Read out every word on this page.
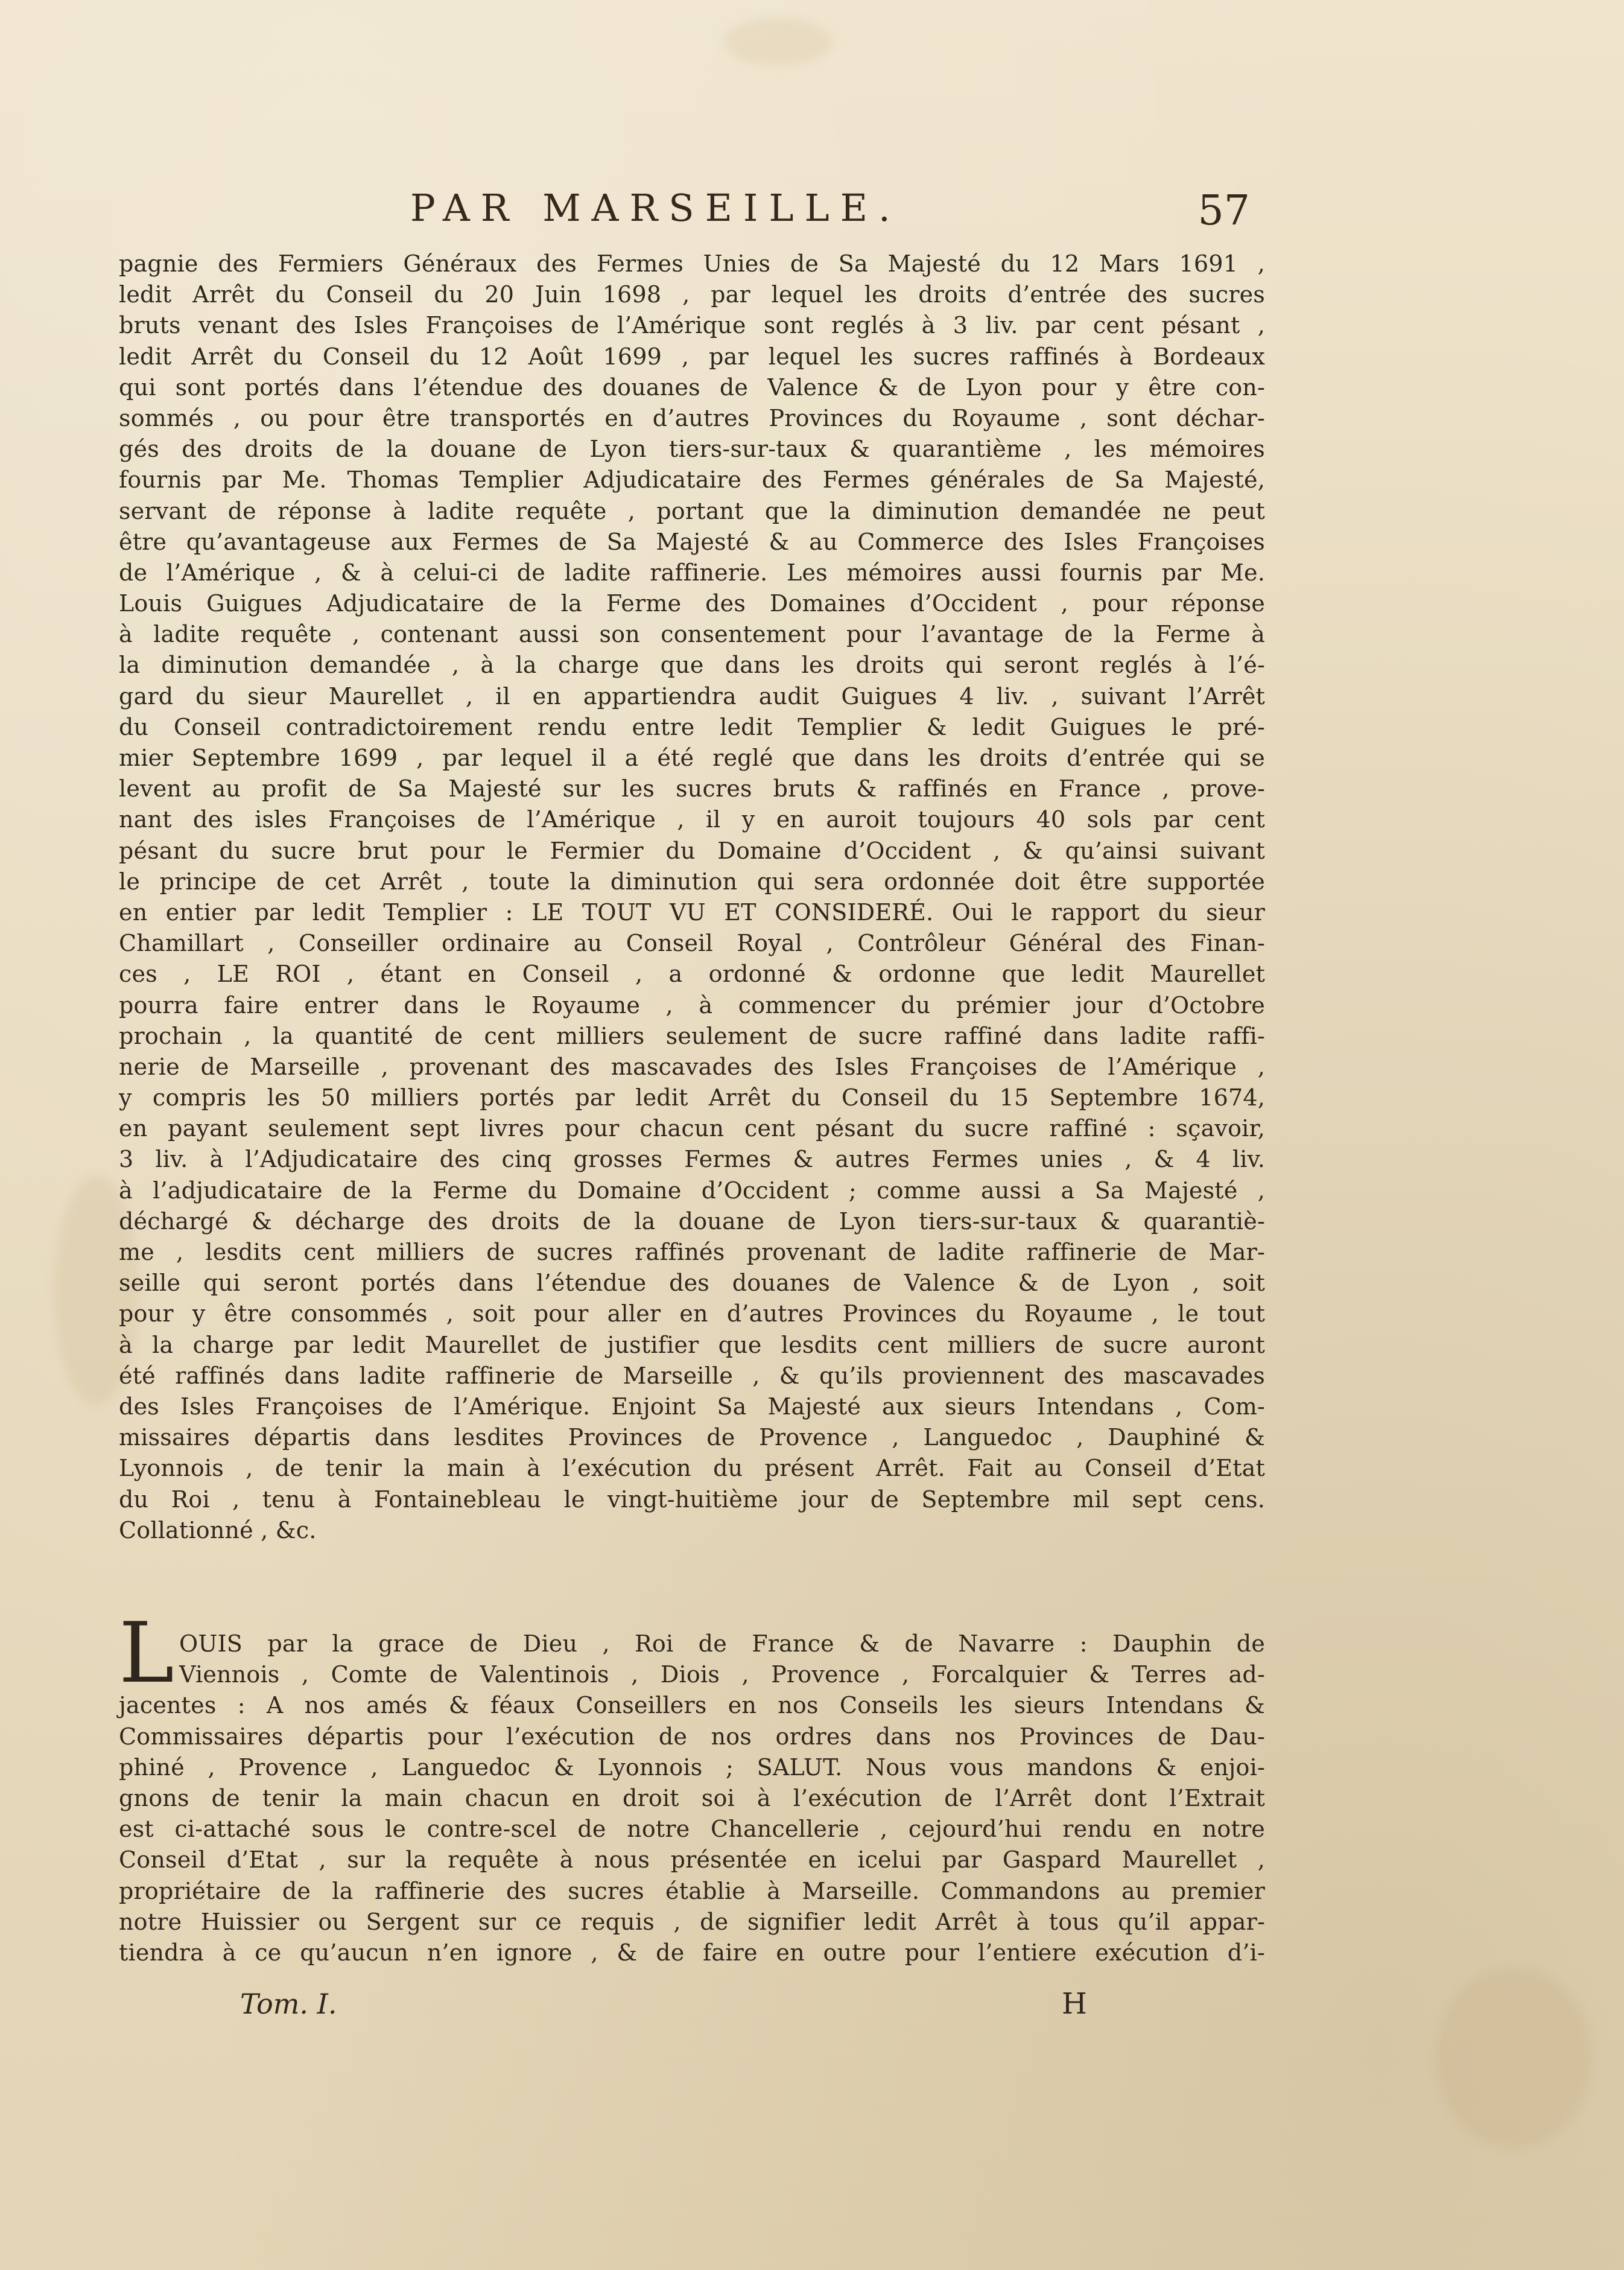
PAR MARSEILLE.	57
pagnie des Fermiers Généraux des Fermes Unies de Sa Majesté du 12 Mars 1691 ,
ledit Arrêt du Conseil du 20 Juin 1698 , par lequel les droits d’entrée des sucres
bruts venant des Isles Françoises de l’Amérique sont reglés à 3 liv. par cent pésant ,
ledit Arrêt du Conseil du 12 Août 1699 , par lequel les sucres raffinés à Bordeaux
qui sont portés dans l’étendue des douanes de Valence & de Lyon pour y être con-
sommés , ou pour être transportés en d’autres Provinces du Royaume , sont déchar-
gés des droits de la douane de Lyon tiers-sur-taux & quarantième , les mémoires
fournis par Me. Thomas Templier Adjudicataire des Fermes générales de Sa Majesté,
servant de réponse à ladite requête , portant que la diminution demandée ne peut
être qu’avantageuse aux Fermes de Sa Majesté & au Commerce des Isles Françoises
de l’Amérique , & à celui-ci de ladite raffinerie. Les mémoires aussi fournis par Me.
Louis Guigues Adjudicataire de la Ferme des Domaines d’Occident , pour réponse
à ladite requête , contenant aussi son consentement pour l’avantage de la Ferme à
la diminution demandée , à la charge que dans les droits qui seront reglés à l’é-
gard du sieur Maurellet , il en appartiendra audit Guigues 4 liv. , suivant l’Arrêt
du Conseil contradictoirement rendu entre ledit Templier & ledit Guigues le pré-
mier Septembre 1699 , par lequel il a été reglé que dans les droits d’entrée qui se
levent au profit de Sa Majesté sur les sucres bruts & raffinés en France , prove-
nant des isles Françoises de l’Amérique , il y en auroit toujours 40 sols par cent
pésant du sucre brut pour le Fermier du Domaine d’Occident , & qu’ainsi suivant
le principe de cet Arrêt , toute la diminution qui sera ordonnée doit être supportée
en entier par ledit Templier : LE TOUT VU ET CONSIDERÉ. Oui le rapport du sieur
Chamillart , Conseiller ordinaire au Conseil Royal , Contrôleur Général des Finan-
ces , LE ROI , étant en Conseil , a ordonné & ordonne que ledit Maurellet
pourra faire entrer dans le Royaume , à commencer du prémier jour d’Octobre
prochain , la quantité de cent milliers seulement de sucre raffiné dans ladite raffi-
nerie de Marseille , provenant des mascavades des Isles Françoises de l’Amérique ,
y compris les 50 milliers portés par ledit Arrêt du Conseil du 15 Septembre 1674,
en payant seulement sept livres pour chacun cent pésant du sucre raffiné : sçavoir,
3 liv. à l’Adjudicataire des cinq grosses Fermes & autres Fermes unies , & 4 liv.
à l’adjudicataire de la Ferme du Domaine d’Occident ; comme aussi a Sa Majesté ,
déchargé & décharge des droits de la douane de Lyon tiers-sur-taux & quarantiè-
me , lesdits cent milliers de sucres raffinés provenant de ladite raffinerie de Mar-
seille qui seront portés dans l’étendue des douanes de Valence & de Lyon , soit
pour y être consommés , soit pour aller en d’autres Provinces du Royaume , le tout
à la charge par ledit Maurellet de justifier que lesdits cent milliers de sucre auront
été raffinés dans ladite raffinerie de Marseille , & qu’ils proviennent des mascavades
des Isles Françoises de l’Amérique. Enjoint Sa Majesté aux sieurs Intendans , Com-
missaires départis dans lesdites Provinces de Provence , Languedoc , Dauphiné &
Lyonnois , de tenir la main à l’exécution du présent Arrêt. Fait au Conseil d’Etat
du Roi , tenu à Fontainebleau le vingt-huitième jour de Septembre mil sept cens.
Collationné , &c.
L OUIS par la grace de Dieu , Roi de France & de Navarre : Dauphin de
Viennois , Comte de Valentinois , Diois , Provence , Forcalquier & Terres ad-
jacentes : A nos amés & féaux Conseillers en nos Conseils les sieurs Intendans &
Commissaires départis pour l’exécution de nos ordres dans nos Provinces de Dau-
phiné , Provence , Languedoc & Lyonnois ; SALUT. Nous vous mandons & enjoi-
gnons de tenir la main chacun en droit soi à l’exécution de l’Arrêt dont l’Extrait
est ci-attaché sous le contre-scel de notre Chancellerie , cejourd’hui rendu en notre
Conseil d’Etat , sur la requête à nous présentée en icelui par Gaspard Maurellet ,
propriétaire de la raffinerie des sucres établie à Marseille. Commandons au premier
notre Huissier ou Sergent sur ce requis , de signifier ledit Arrêt à tous qu’il appar-
tiendra à ce qu’aucun n’en ignore , & de faire en outre pour l’entiere exécution d’i-
Tom. I.	H
